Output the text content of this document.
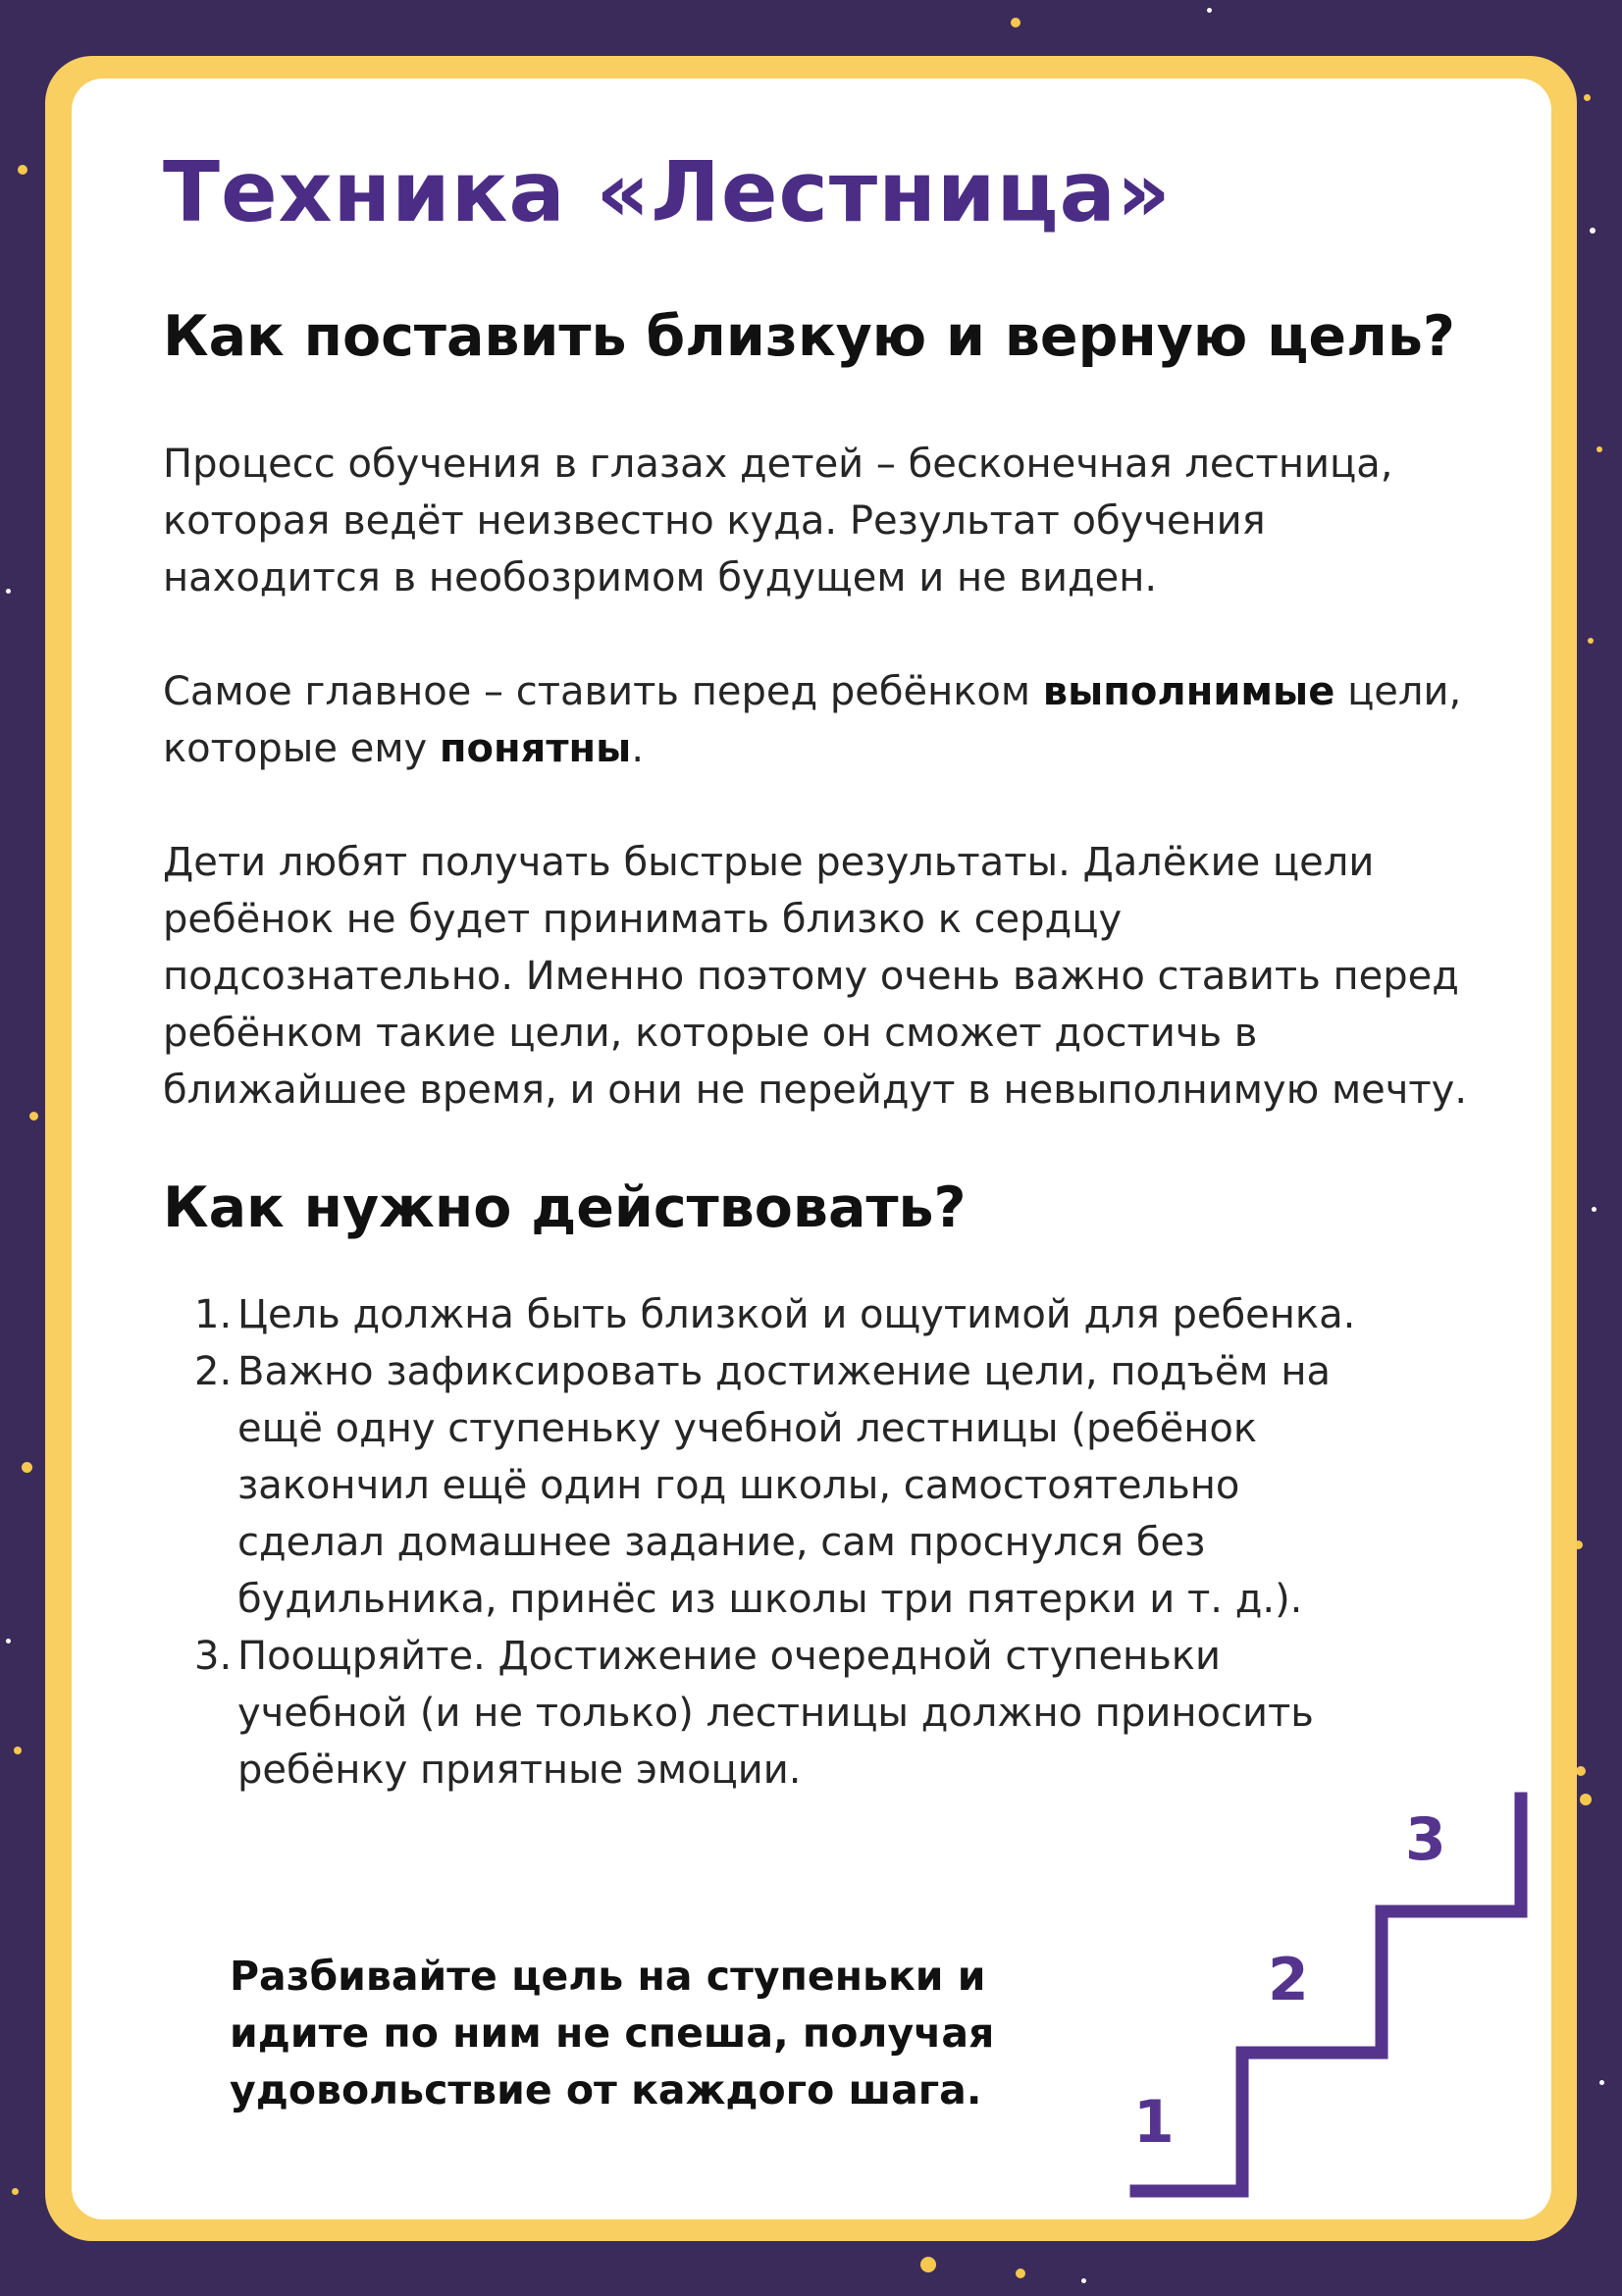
Техника «Лестница»
Как поставить близкую и верную цель?

Процесс обучения в глазах детей – бесконечная лестница, которая ведёт неизвестно куда. Результат обучения находится в необозримом будущем и не виден.

Самое главное – ставить перед ребёнком выполнимые цели, которые ему понятны.

Дети любят получать быстрые результаты. Далёкие цели ребёнок не будет принимать близко к сердцу подсознательно. Именно поэтому очень важно ставить перед ребёнком такие цели, которые он сможет достичь в ближайшее время, и они не перейдут в невыполнимую мечту.

Как нужно действовать?
1. Цель должна быть близкой и ощутимой для ребенка.
2. Важно зафиксировать достижение цели, подъём на ещё одну ступеньку учебной лестницы (ребёнок закончил ещё один год школы, самостоятельно сделал домашнее задание, сам проснулся без будильника, принёс из школы три пятерки и т. д.).
3. Поощряйте. Достижение очередной ступеньки учебной (и не только) лестницы должно приносить ребёнку приятные эмоции.

Разбивайте цель на ступеньки и идите по ним не спеша, получая удовольствие от каждого шага.	1
2
3
